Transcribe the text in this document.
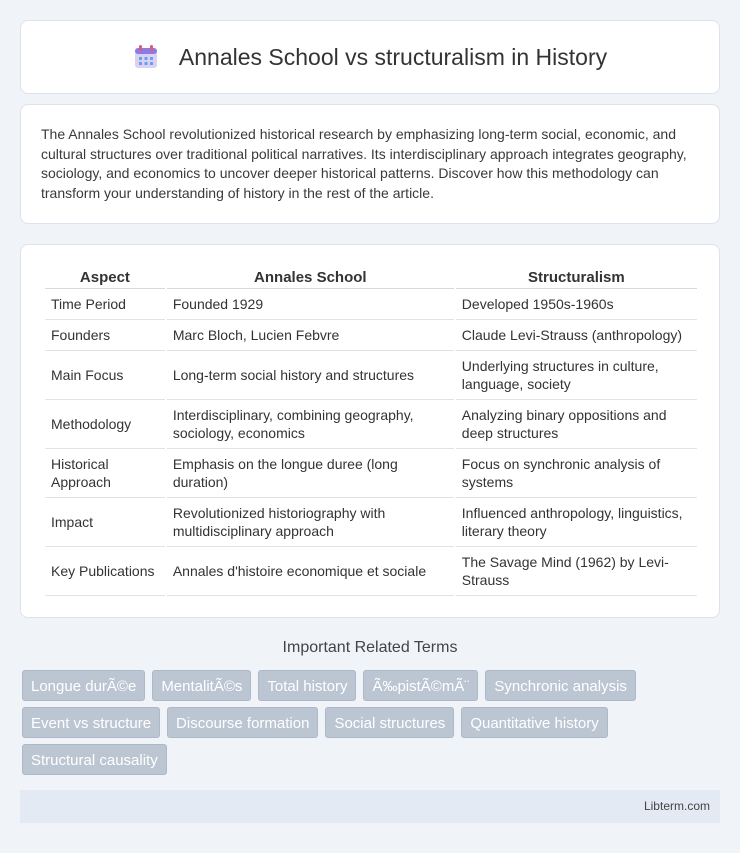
Annales School vs structuralism in History

The Annales School revolutionized historical research by emphasizing long-term social, economic, and cultural structures over traditional political narratives. Its interdisciplinary approach integrates geography, sociology, and economics to uncover deeper historical patterns. Discover how this methodology can transform your understanding of history in the rest of the article.

Aspect	Annales School	Structuralism
Time Period	Founded 1929	Developed 1950s-1960s
Founders	Marc Bloch, Lucien Febvre	Claude Levi-Strauss (anthropology)
Main Focus	Long-term social history and structures	Underlying structures in culture, language, society
Methodology	Interdisciplinary, combining geography, sociology, economics	Analyzing binary oppositions and deep structures
Historical Approach	Emphasis on the longue duree (long duration)	Focus on synchronic analysis of systems
Impact	Revolutionized historiography with multidisciplinary approach	Influenced anthropology, linguistics, literary theory
Key Publications	Annales d'histoire economique et sociale	The Savage Mind (1962) by Levi-Strauss
Important Related Terms
Longue durÃ©e	MentalitÃ©s	Total history	Ã‰pistÃ©mÃ¨	Synchronic analysis
Event vs structure	Discourse formation	Social structures	Quantitative history
Structural causality
Libterm.com
